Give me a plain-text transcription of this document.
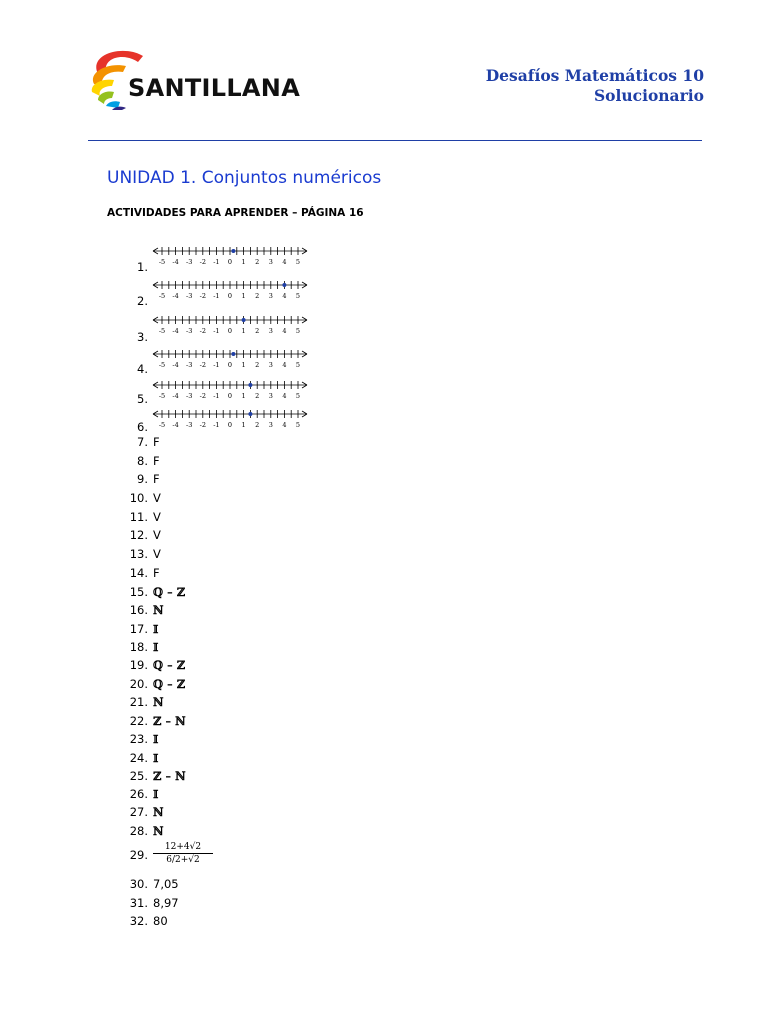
SANTILLANA	Desafíos Matemáticos 10
Solucionario
UNIDAD 1. Conjuntos numéricos
ACTIVIDADES PARA APRENDER – PÁGINA 16
1. -5 -4 -3 -2 -1 0 1 2 3 4 5
2. -5 -4 -3 -2 -1 0 1 2 3 4 5
3. -5 -4 -3 -2 -1 0 1 2 3 4 5
4. -5 -4 -3 -2 -1 0 1 2 3 4 5
5. -5 -4 -3 -2 -1 0 1 2 3 4 5
6. -5 -4 -3 -2 -1 0 1 2 3 4 5
7. F
8. F
9. F
10. V
11. V
12. V
13. V
14. F
15. ℚ – ℤ
16. ℕ
17. 𝕀
18. 𝕀
19. ℚ – ℤ
20. ℚ – ℤ
21. ℕ
22. ℤ – ℕ
23. 𝕀
24. 𝕀
25. ℤ – ℕ
26. 𝕀
27. ℕ
28. ℕ
29. $\frac{12+4√2}{6/2+√2}$
30. 7,05
31. 8,97
32. 80
